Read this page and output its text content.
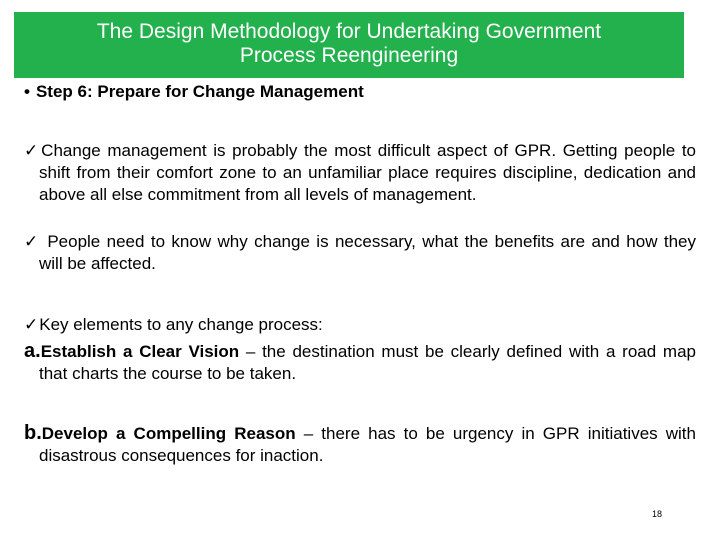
The Design Methodology for Undertaking Government
Process Reengineering
• Step 6: Prepare for Change Management
✓Change management is probably the most difficult aspect of GPR. Getting people to shift from their comfort zone to an unfamiliar place requires discipline, dedication and above all else commitment from all levels of management.
✓ People need to know why change is necessary, what the benefits are and how they will be affected.
✓Key elements to any change process:
a.Establish a Clear Vision – the destination must be clearly defined with a road map that charts the course to be taken.
b.Develop a Compelling Reason – there has to be urgency in GPR initiatives with disastrous consequences for inaction.
18
